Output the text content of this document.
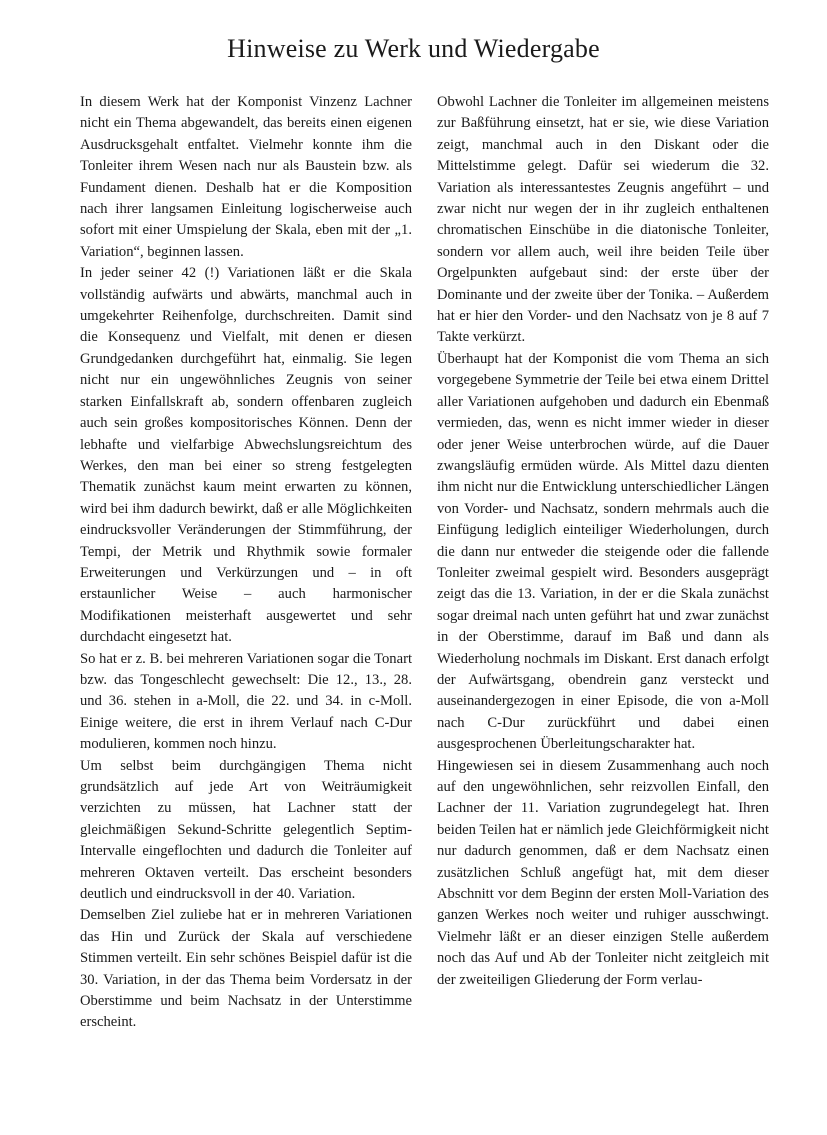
Hinweise zu Werk und Wiedergabe

In diesem Werk hat der Komponist Vinzenz Lachner nicht ein Thema abgewandelt, das bereits einen eigenen Ausdrucksgehalt entfaltet. Vielmehr konnte ihm die Tonleiter ihrem Wesen nach nur als Baustein bzw. als Fundament dienen. Deshalb hat er die Komposition nach ihrer langsamen Einleitung logischerweise auch sofort mit einer Umspielung der Skala, eben mit der „1. Variation“, beginnen lassen.

In jeder seiner 42 (!) Variationen läßt er die Skala vollständig aufwärts und abwärts, manchmal auch in umgekehrter Reihenfolge, durchschreiten. Damit sind die Konsequenz und Vielfalt, mit denen er diesen Grundgedanken durchgeführt hat, einmalig. Sie legen nicht nur ein ungewöhnliches Zeugnis von seiner starken Einfallskraft ab, sondern offenbaren zugleich auch sein großes kompositorisches Können. Denn der lebhafte und vielfarbige Abwechslungsreichtum des Werkes, den man bei einer so streng festgelegten Thematik zunächst kaum meint erwarten zu können, wird bei ihm dadurch bewirkt, daß er alle Möglichkeiten eindrucksvoller Veränderungen der Stimmführung, der Tempi, der Metrik und Rhythmik sowie formaler Erweiterungen und Verkürzungen und – in oft erstaunlicher Weise – auch harmonischer Modifikationen meisterhaft ausgewertet und sehr durchdacht eingesetzt hat.

So hat er z. B. bei mehreren Variationen sogar die Tonart bzw. das Tongeschlecht gewechselt: Die 12., 13., 28. und 36. stehen in a-Moll, die 22. und 34. in c-Moll. Einige weitere, die erst in ihrem Verlauf nach C-Dur modulieren, kommen noch hinzu.

Um selbst beim durchgängigen Thema nicht grundsätzlich auf jede Art von Weiträumigkeit verzichten zu müssen, hat Lachner statt der gleichmäßigen Sekund-Schritte gelegentlich Septim-Intervalle eingeflochten und dadurch die Tonleiter auf mehreren Oktaven verteilt. Das erscheint besonders deutlich und eindrucksvoll in der 40. Variation.

Demselben Ziel zuliebe hat er in mehreren Variationen das Hin und Zurück der Skala auf verschiedene Stimmen verteilt. Ein sehr schönes Beispiel dafür ist die 30. Variation, in der das Thema beim Vordersatz in der Oberstimme und beim Nachsatz in der Unterstimme erscheint.

Obwohl Lachner die Tonleiter im allgemeinen meistens zur Baßführung einsetzt, hat er sie, wie diese Variation zeigt, manchmal auch in den Diskant oder die Mittelstimme gelegt. Dafür sei wiederum die 32. Variation als interessantestes Zeugnis angeführt – und zwar nicht nur wegen der in ihr zugleich enthaltenen chromatischen Einschübe in die diatonische Tonleiter, sondern vor allem auch, weil ihre beiden Teile über Orgelpunkten aufgebaut sind: der erste über der Dominante und der zweite über der Tonika. – Außerdem hat er hier den Vorder- und den Nachsatz von je 8 auf 7 Takte verkürzt.

Überhaupt hat der Komponist die vom Thema an sich vorgegebene Symmetrie der Teile bei etwa einem Drittel aller Variationen aufgehoben und dadurch ein Ebenmaß vermieden, das, wenn es nicht immer wieder in dieser oder jener Weise unterbrochen würde, auf die Dauer zwangsläufig ermüden würde. Als Mittel dazu dienten ihm nicht nur die Entwicklung unterschiedlicher Längen von Vorder- und Nachsatz, sondern mehrmals auch die Einfügung lediglich einteiliger Wiederholungen, durch die dann nur entweder die steigende oder die fallende Tonleiter zweimal gespielt wird. Besonders ausgeprägt zeigt das die 13. Variation, in der er die Skala zunächst sogar dreimal nach unten geführt hat und zwar zunächst in der Oberstimme, darauf im Baß und dann als Wiederholung nochmals im Diskant. Erst danach erfolgt der Aufwärtsgang, obendrein ganz versteckt und auseinandergezogen in einer Episode, die von a-Moll nach C-Dur zurückführt und dabei einen ausgesprochenen Überleitungscharakter hat.

Hingewiesen sei in diesem Zusammenhang auch noch auf den ungewöhnlichen, sehr reizvollen Einfall, den Lachner der 11. Variation zugrundegelegt hat. Ihren beiden Teilen hat er nämlich jede Gleichförmigkeit nicht nur dadurch genommen, daß er dem Nachsatz einen zusätzlichen Schluß angefügt hat, mit dem dieser Abschnitt vor dem Beginn der ersten Moll-Variation des ganzen Werkes noch weiter und ruhiger ausschwingt. Vielmehr läßt er an dieser einzigen Stelle außerdem noch das Auf und Ab der Tonleiter nicht zeitgleich mit der zweiteiligen Gliederung der Form verlau-
